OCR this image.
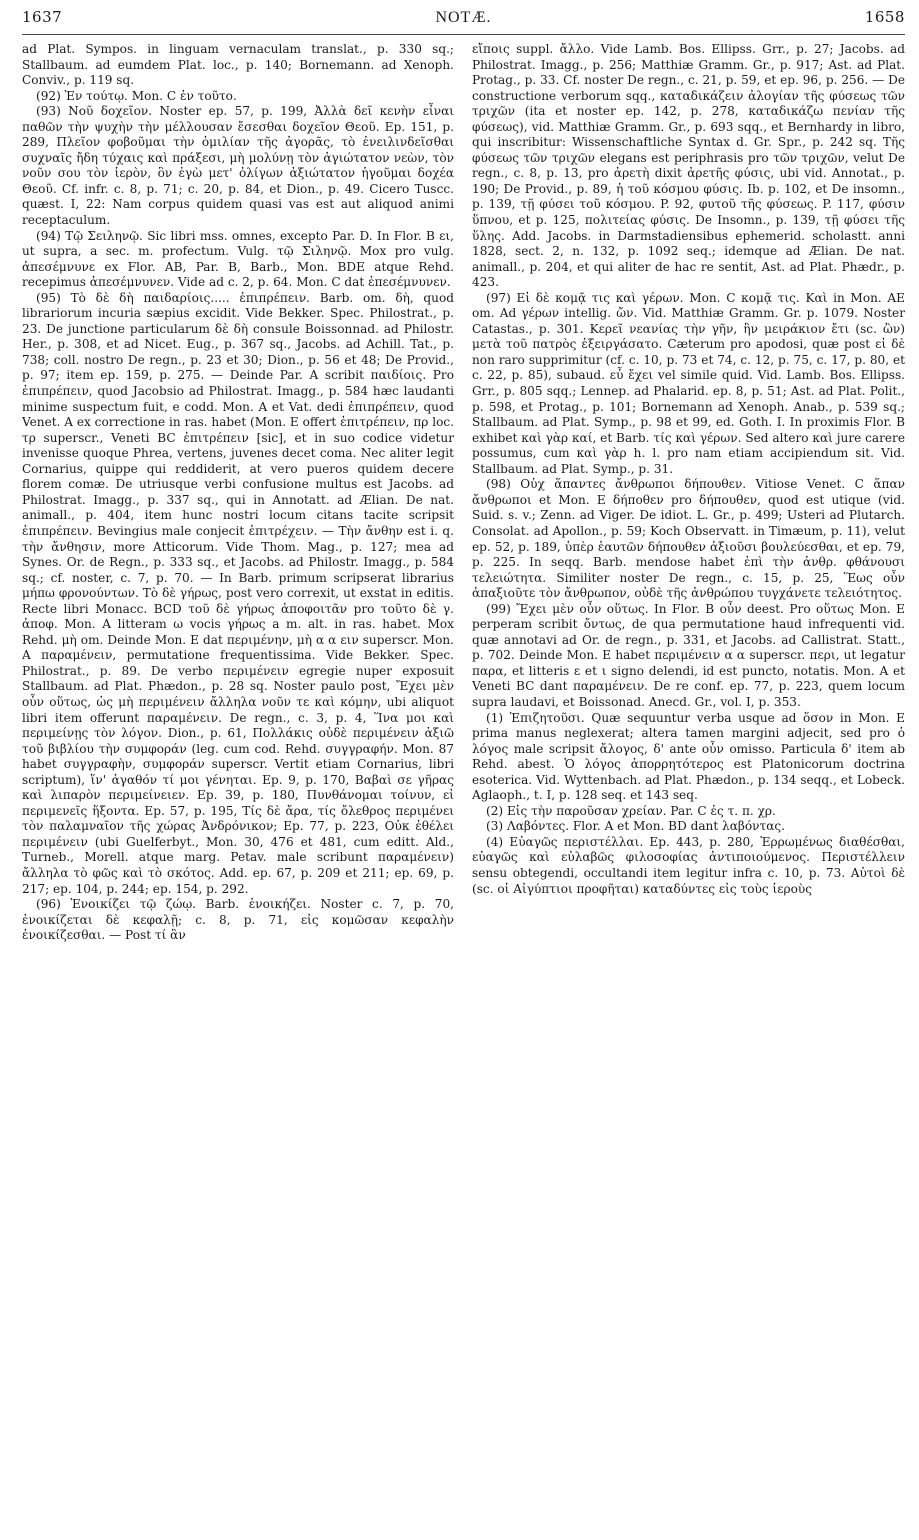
1637	NOTÆ.	1658

ad Plat. Sympos. in linguam vernaculam translat., p. 330 sq.; Stallbaum. ad eumdem Plat. loc., p. 140; Bornemann. ad Xenoph. Conviv., p. 119 sq.

(92) Ἐν τούτῳ. Mon. C ἐν τοῦτο.

(93) Νοῦ δοχεῖον. Noster ep. 57, p. 199, Ἀλλὰ δεῖ κενὴν εἶναι παθῶν τὴν ψυχὴν τὴν μέλλουσαν ἔσεσθαι δοχεῖον Θεοῦ. Ep. 151, p. 289, Πλεῖον φοβοῦμαι τὴν ὁμιλίαν τῆς ἀγορᾶς, τὸ ἐνειλινδεῖσθαι συχναῖς ἤδη τύχαις καὶ πράξεσι, μὴ μολύνῃ τὸν ἁγιώτατον νεὼν, τὸν νοῦν σου τὸν ἱερὸν, ὃν ἐγὼ μετ' ὀλίγων ἀξιώτατον ἡγοῦμαι δοχέα Θεοῦ. Cf. infr. c. 8, p. 71; c. 20, p. 84, et Dion., p. 49. Cicero Tuscc. quæst. I, 22: Nam corpus quidem quasi vas est aut aliquod animi receptaculum.

(94) Τῷ Σειληνῷ. Sic libri mss. omnes, excepto Par. D. In Flor. B ει, ut supra, a sec. m. profectum. Vulg. τῷ Σιληνῷ. Mox pro vulg. ἀπεσέμνυνε ex Flor. AB, Par. B, Barb., Mon. BDE atque Rehd. recepimus ἀπεσέμνυνεν. Vide ad c. 2, p. 64. Mon. C dat ἐπεσέμνυνεν.

(95) Τὸ δὲ δὴ παιδαρίοις..... ἐπιπρέπειν. Barb. om. δὴ, quod librariorum incuria sæpius excidit. Vide Bekker. Spec. Philostrat., p. 23. De junctione particularum δὲ δὴ consule Boissonnad. ad Philostr. Her., p. 308, et ad Nicet. Eug., p. 367 sq., Jacobs. ad Achill. Tat., p. 738; coll. nostro De regn., p. 23 et 30; Dion., p. 56 et 48; De Provid., p. 97; item ep. 159, p. 275. — Deinde Par. A scribit παιδίοις. Pro ἐπιπρέπειν, quod Jacobsio ad Philostrat. Imagg., p. 584 hæc laudanti minime suspectum fuit, e codd. Mon. A et Vat. dedi ἐπιπρέπειν, quod Venet. A ex correctione in ras. habet (Mon. E offert ἐπιτρέπειν, πρ loc. τρ superscr., Veneti BC ἐπιτρέπειν [sic], et in suo codice videtur invenisse quoque Phrea, vertens, juvenes decet coma. Nec aliter legit Cornarius, quippe qui reddiderit, at vero pueros quidem decere florem comæ. De utriusque verbi confusione multus est Jacobs. ad Philostrat. Imagg., p. 337 sq., qui in Annotatt. ad Ælian. De nat. animall., p. 404, item hunc nostri locum citans tacite scripsit ἐπιπρέπειν. Bevingius male conjecit ἐπιτρέχειν. — Τὴν ἄνθην est i. q. τὴν ἄνθησιν, more Atticorum. Vide Thom. Mag., p. 127; mea ad Synes. Or. de Regn., p. 333 sq., et Jacobs. ad Philostr. Imagg., p. 584 sq.; cf. noster, c. 7, p. 70. — In Barb. primum scripserat librarius μήπω φρονούντων. Τὸ δὲ γήρως, post vero correxit, ut exstat in editis. Recte libri Monacc. BCD τοῦ δὲ γήρως ἀποφοιτᾶν pro τοῦτο δὲ γ. ἀποφ. Mon. A litteram ω vocis γήρως a m. alt. in ras. habet. Mox Rehd. μὴ om. Deinde Mon. E dat περιμένην, μὴ α α ειν superscr. Mon. A παραμένειν, permutatione frequentissima. Vide Bekker. Spec. Philostrat., p. 89. De verbo περιμένειν egregie nuper exposuit Stallbaum. ad Plat. Phædon., p. 28 sq. Noster paulo post, Ἔχει μὲν οὖν οὕτως, ὡς μὴ περιμένειν ἄλληλα νοῦν τε καὶ κόμην, ubi aliquot libri item offerunt παραμένειν. De regn., c. 3, p. 4, Ἵνα μοι καὶ περιμείνῃς τὸν λόγον. Dion., p. 61, Πολλάκις οὐδὲ περιμένειν ἀξιῶ τοῦ βιβλίου τὴν συμφοράν (leg. cum cod. Rehd. συγγραφήν. Mon. 87 habet συγγραφὴν, συμφοράν superscr. Vertit etiam Cornarius, libri scriptum), ἵν' ἀγαθόν τί μοι γένηται. Ep. 9, p. 170, Βαβαὶ σε γῆρας καὶ λιπαρὸν περιμείνειεν. Ep. 39, p. 180, Πυνθάνομαι τοίνυν, εἰ περιμενεῖς ἥξοντα. Ep. 57, p. 195, Τίς δὲ ἄρα, τίς ὄλεθρος περιμένει τὸν παλαμναῖον τῆς χώρας Ἀνδρόνικον; Ep. 77, p. 223, Οὐκ ἐθέλει περιμένειν (ubi Guelferbyt., Mon. 30, 476 et 481, cum editt. Ald., Turneb., Morell. atque marg. Petav. male scribunt παραμένειν) ἄλληλα τὸ φῶς καὶ τὸ σκότος. Add. ep. 67, p. 209 et 211; ep. 69, p. 217; ep. 104, p. 244; ep. 154, p. 292.

(96) Ἐνοικίζει τῷ ζώῳ. Barb. ἐνοικήζει. Noster c. 7, p. 70, ἐνοικίζεται δὲ κεφαλῇ; c. 8, p. 71, εἰς κομῶσαν κεφαλὴν ἐνοικίζεσθαι. — Post τί ἂν

εἴποις suppl. ἄλλο. Vide Lamb. Bos. Ellipss. Grr., p. 27; Jacobs. ad Philostrat. Imagg., p. 256; Matthiæ Gramm. Gr., p. 917; Ast. ad Plat. Protag., p. 33. Cf. noster De regn., c. 21, p. 59, et ep. 96, p. 256. — De constructione verborum sqq., καταδικάζειν ἀλογίαν τῆς φύσεως τῶν τριχῶν (ita et noster ep. 142, p. 278, καταδικάζω πενίαν τῆς φύσεως), vid. Matthiæ Gramm. Gr., p. 693 sqq., et Bernhardy in libro, qui inscribitur: Wissenschaftliche Syntax d. Gr. Spr., p. 242 sq. Τῆς φύσεως τῶν τριχῶν elegans est periphrasis pro τῶν τριχῶν, velut De regn., c. 8, p. 13, pro ἀρετὴ dixit ἀρετῆς φύσις, ubi vid. Annotat., p. 190; De Provid., p. 89, ἡ τοῦ κόσμου φύσις. Ib. p. 102, et De insomn., p. 139, τῇ φύσει τοῦ κόσμου. P. 92, φυτοῦ τῆς φύσεως. P. 117, φύσιν ὕπνου, et p. 125, πολιτείας φύσις. De Insomn., p. 139, τῇ φύσει τῆς ὕλης. Add. Jacobs. in Darmstadiensibus ephemerid. scholastt. anni 1828, sect. 2, n. 132, p. 1092 seq.; idemque ad Ælian. De nat. animall., p. 204, et qui aliter de hac re sentit, Ast. ad Plat. Phædr., p. 423.

(97) Εἰ δὲ κομᾷ τις καὶ γέρων. Mon. C κομᾷ τις. Καὶ in Mon. AE om. Ad γέρων intellig. ὤν. Vid. Matthiæ Gramm. Gr. p. 1079. Noster Catastas., p. 301. Κερεῖ νεανίας τὴν γῆν, ἣν μειράκιον ἔτι (sc. ὢν) μετὰ τοῦ πατρὸς ἐξειργάσατο. Cæterum pro apodosi, quæ post εἰ δὲ non raro supprimitur (cf. c. 10, p. 73 et 74, c. 12, p. 75, c. 17, p. 80, et c. 22, p. 85), subaud. εὖ ἔχει vel simile quid. Vid. Lamb. Bos. Ellipss. Grr., p. 805 sqq.; Lennep. ad Phalarid. ep. 8, p. 51; Ast. ad Plat. Polit., p. 598, et Protag., p. 101; Bornemann ad Xenoph. Anab., p. 539 sq.; Stallbaum. ad Plat. Symp., p. 98 et 99, ed. Goth. I. In proximis Flor. B exhibet καὶ γὰρ καί, et Barb. τίς καὶ γέρων. Sed altero καὶ jure carere possumus, cum καὶ γὰρ h. l. pro nam etiam accipiendum sit. Vid. Stallbaum. ad Plat. Symp., p. 31.

(98) Οὐχ ἅπαντες ἄνθρωποι δήπουθεν. Vitiose Venet. C ἅπαν ἄνθρωποι et Mon. E δήποθεν pro δήπουθεν, quod est utique (vid. Suid. s. v.; Zenn. ad Viger. De idiot. L. Gr., p. 499; Usteri ad Plutarch. Consolat. ad Apollon., p. 59; Koch Observatt. in Timæum, p. 11), velut ep. 52, p. 189, ὑπὲρ ἑαυτῶν δήπουθεν ἀξιοῦσι βουλεύεσθαι, et ep. 79, p. 225. In seqq. Barb. mendose habet ἐπὶ τὴν ἀνθρ. φθάνουσι τελειώτητα. Similiter noster De regn., c. 15, p. 25, Ἕως οὖν ἀπαξιοῦτε τὸν ἄνθρωπον, οὐδὲ τῆς ἀνθρώπου τυγχάνετε τελειότητος.

(99) Ἔχει μὲν οὖν οὕτως. In Flor. B οὖν deest. Pro οὕτως Mon. E perperam scribit ὄντως, de qua permutatione haud infrequenti vid. quæ annotavi ad Or. de regn., p. 331, et Jacobs. ad Callistrat. Statt., p. 702. Deinde Mon. E habet περιμένειν α α superscr. περι, ut legatur παρα, et litteris ε et ι signo delendi, id est puncto, notatis. Mon. A et Veneti BC dant παραμένειν. De re conf. ep. 77, p. 223, quem locum supra laudavi, et Boissonad. Anecd. Gr., vol. I, p. 353.

(1) Ἐπιζητοῦσι. Quæ sequuntur verba usque ad ὅσον in Mon. E prima manus neglexerat; altera tamen margini adjecit, sed pro ὁ λόγος male scripsit ἄλογος, δ' ante οὖν omisso. Particula δ' item ab Rehd. abest. Ὁ λόγος ἀπορρητότερος est Platonicorum doctrina esoterica. Vid. Wyttenbach. ad Plat. Phædon., p. 134 seqq., et Lobeck. Aglaoph., t. I, p. 128 seq. et 143 seq.

(2) Εἰς τὴν παροῦσαν χρείαν. Par. C ἐς τ. π. χρ.

(3) Λαβόντες. Flor. A et Mon. BD dant λαβόντας.

(4) Εὐαγῶς περιστέλλαι. Ep. 443, p. 280, Ἐρρωμένως διαθέσθαι, εὐαγῶς καὶ εὐλαβῶς φιλοσοφίας ἀντιποιούμενος. Περιστέλλειν sensu obtegendi, occultandi item legitur infra c. 10, p. 73. Αὐτοὶ δὲ (sc. οἱ Αἰγύπτιοι προφῆται) καταδύντες εἰς τοὺς ἱεροὺς
